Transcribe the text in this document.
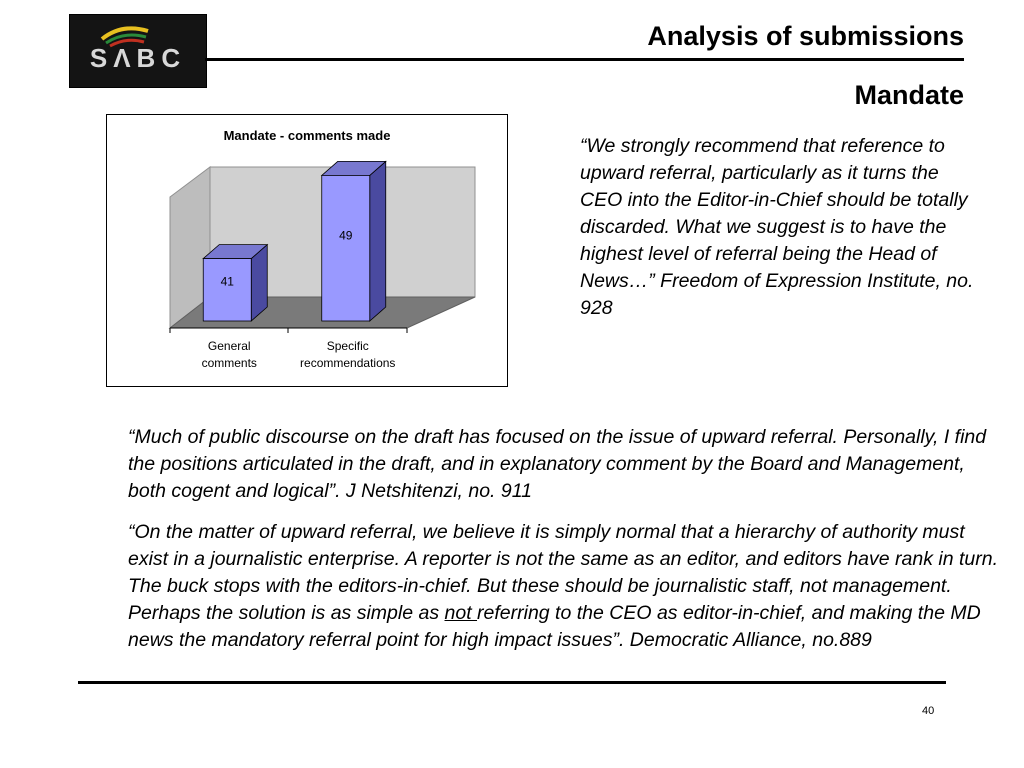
SΛBC
Analysis of submissions
Mandate
Mandate - comments made
41
49
General
comments
Specific
recommendations

“We strongly recommend that reference to upward referral, particularly as it turns the CEO into the Editor-in-Chief should be totally discarded. What we suggest is to have the highest level of referral being the Head of News…” Freedom of Expression Institute, no. 928

“Much of public discourse on the draft has focused on the issue of upward referral. Personally, I find the positions articulated in the draft, and in explanatory comment by the Board and Management, both cogent and logical”. J Netshitenzi, no. 911

“On the matter of upward referral, we believe it is simply normal that a hierarchy of authority must exist in a journalistic enterprise. A reporter is not the same as an editor, and editors have rank in turn. The buck stops with the editors-in-chief. But these should be journalistic staff, not management. Perhaps the solution is as simple as not referring to the CEO as editor-in-chief, and making the MD news the mandatory referral point for high impact issues”. Democratic Alliance, no.889

40
